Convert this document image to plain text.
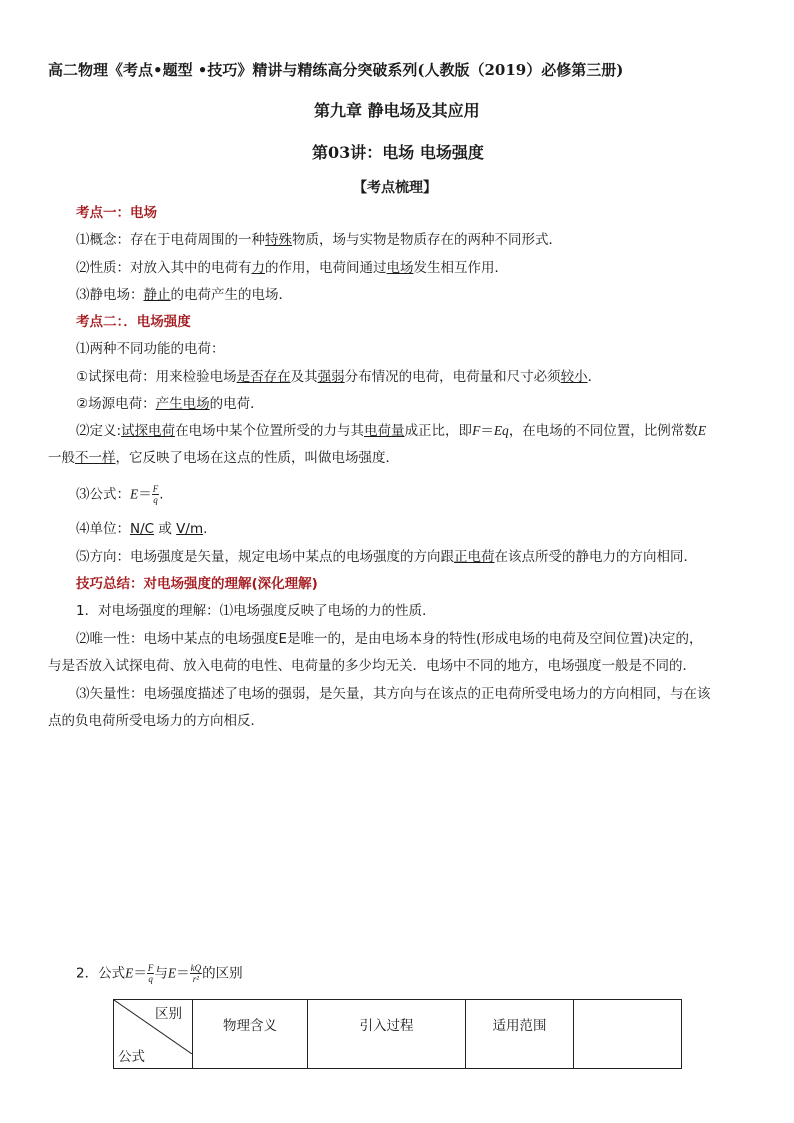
高二物理《考点•题型 •技巧》精讲与精练高分突破系列(人教版（2019）必修第三册)
第九章 静电场及其应用
第03讲：电场 电场强度
【考点梳理】
考点一：电场
⑴概念：存在于电荷周围的一种特殊物质，场与实物是物质存在的两种不同形式．
⑵性质：对放入其中的电荷有力的作用，电荷间通过电场发生相互作用．
⑶静电场：静止的电荷产生的电场．
考点二：．电场强度
⑴两种不同功能的电荷：
①试探电荷：用来检验电场是否存在及其强弱分布情况的电荷，电荷量和尺寸必须较小．
②场源电荷：产生电场的电荷．
⑵定义:试探电荷在电场中某个位置所受的力与其电荷量成正比，即F＝Eq，在电场的不同位置，比例常数E
一般不一样，它反映了电场在这点的性质，叫做电场强度．
⑶公式：$E= \frac{F}{q}$ .
⑷单位：N/C 或 V/m.
⑸方向：电场强度是矢量，规定电场中某点的电场强度的方向跟正电荷在该点所受的静电力的方向相同．
技巧总结：对电场强度的理解(深化理解)
1．对电场强度的理解：⑴电场强度反映了电场的力的性质．
⑵唯一性：电场中某点的电场强度E是唯一的，是由电场本身的特性(形成电场的电荷及空间位置)决定的，
与是否放入试探电荷、放入电荷的电性、电荷量的多少均无关．电场中不同的地方，电场强度一般是不同的．
⑶矢量性：电场强度描述了电场的强弱，是矢量，其方向与在该点的正电荷所受电场力的方向相同，与在该
点的负电荷所受电场力的方向相反．
2．公式$E= \frac{F}{q}$ 与$E= \frac{kQ}{\text{r²}}$ 的区别
区别
公式
	物理含义	引入过程	适用范围	
